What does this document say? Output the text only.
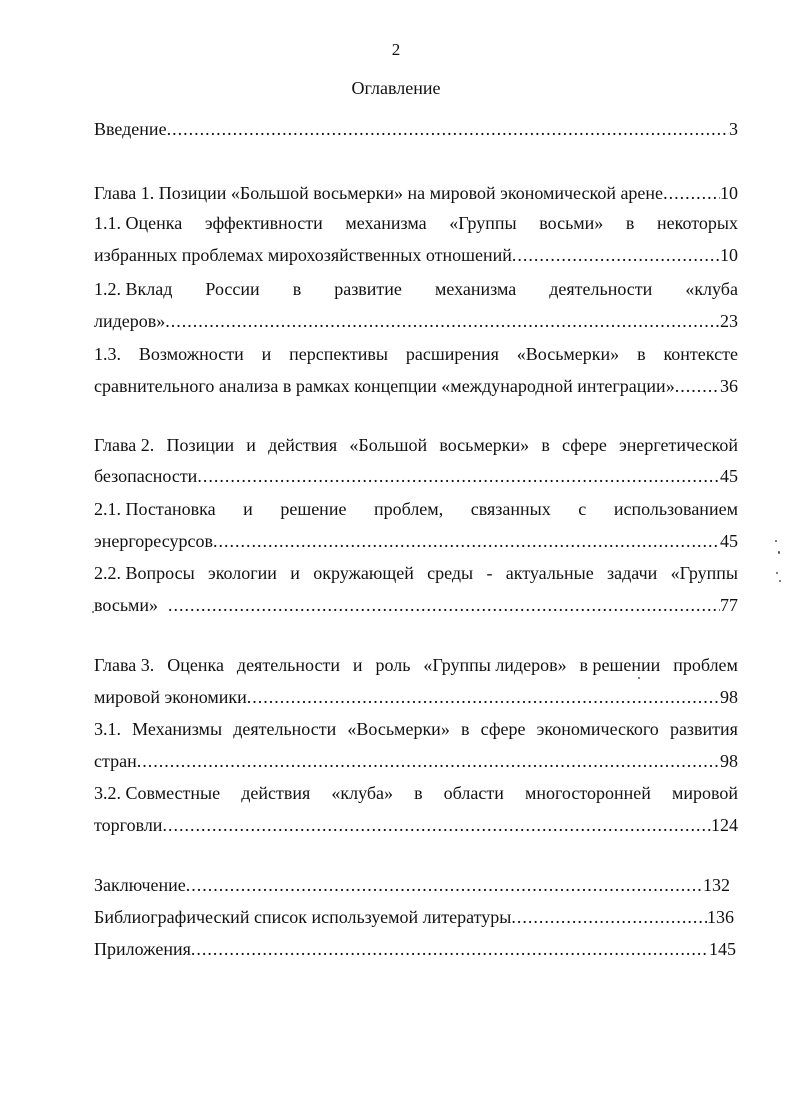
2
Оглавление
Введение .....	3
Глава 1. Позиции «Большой восьмерки» на мировой экономической арене .....	10
1.1. Оценка эффективности механизма «Группы восьми» в некоторых
избранных проблемах мирохозяйственных отношений .....	10
1.2. Вклад России в развитие механизма деятельности «клуба
лидеров» .....	23
1.3. Возможности и перспективы расширения «Восьмерки» в контексте
сравнительного анализа в рамках концепции «международной интеграции» .....	36
Глава 2. Позиции и действия «Большой восьмерки» в сфере энергетической
безопасности .....	45
2.1. Постановка и решение проблем, связанных с использованием
энергоресурсов .....	45
2.2. Вопросы экологии и окружающей среды - актуальные задачи «Группы
восьми» .....	77
Глава 3. Оценка деятельности и роль «Группы лидеров» в решении проблем
мировой экономики .....	98
3.1. Механизмы деятельности «Восьмерки» в сфере экономического развития
стран .....	98
3.2. Совместные действия «клуба» в области многосторонней мировой
торговли .....	124
Заключение .....	132
Библиографический список используемой литературы .....	136
Приложения .....	145
